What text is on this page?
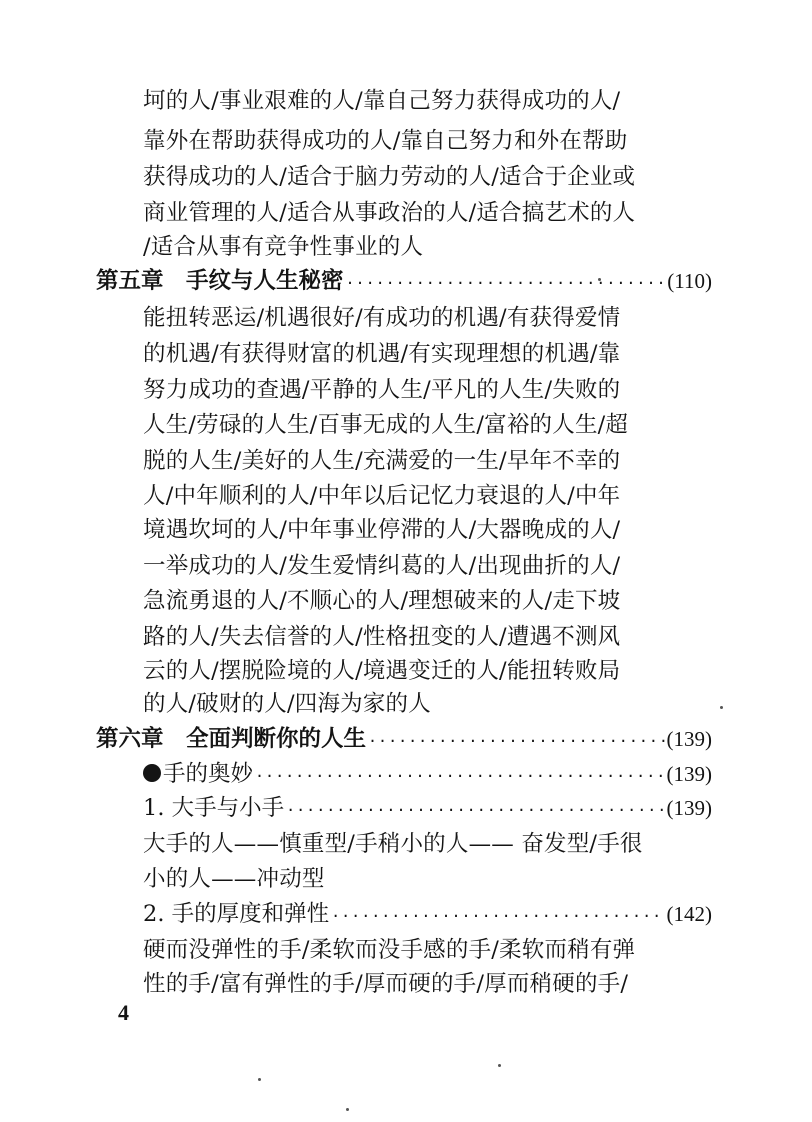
坷的人/事业艰难的人/靠自己努力获得成功的人/
靠外在帮助获得成功的人/靠自己努力和外在帮助
获得成功的人/适合于脑力劳动的人/适合于企业或
商业管理的人/适合从事政治的人/适合搞艺术的人
/适合从事有竞争性事业的人
第五章　手纹与人生秘密 ·····	(110)
能扭转恶运/机遇很好/有成功的机遇/有获得爱情
的机遇/有获得财富的机遇/有实现理想的机遇/靠
努力成功的查遇/平静的人生/平凡的人生/失败的
人生/劳碌的人生/百事无成的人生/富裕的人生/超
脱的人生/美好的人生/充满爱的一生/早年不幸的
人/中年顺利的人/中年以后记忆力衰退的人/中年
境遇坎坷的人/中年事业停滞的人/大器晚成的人/
一举成功的人/发生爱情纠葛的人/出现曲折的人/
急流勇退的人/不顺心的人/理想破来的人/走下坡
路的人/失去信誉的人/性格扭变的人/遭遇不测风
云的人/摆脱险境的人/境遇变迁的人/能扭转败局
的人/破财的人/四海为家的人
第六章　全面判断你的人生 ·····	(139)
手的奥妙 ·····	(139)
1. 大手与小手 ·····	(139)
大手的人——慎重型/手稍小的人—— 奋发型/手很
小的人——冲动型
2. 手的厚度和弹性 ·····	(142)
硬而没弹性的手/柔软而没手感的手/柔软而稍有弹
性的手/富有弹性的手/厚而硬的手/厚而稍硬的手/
4
